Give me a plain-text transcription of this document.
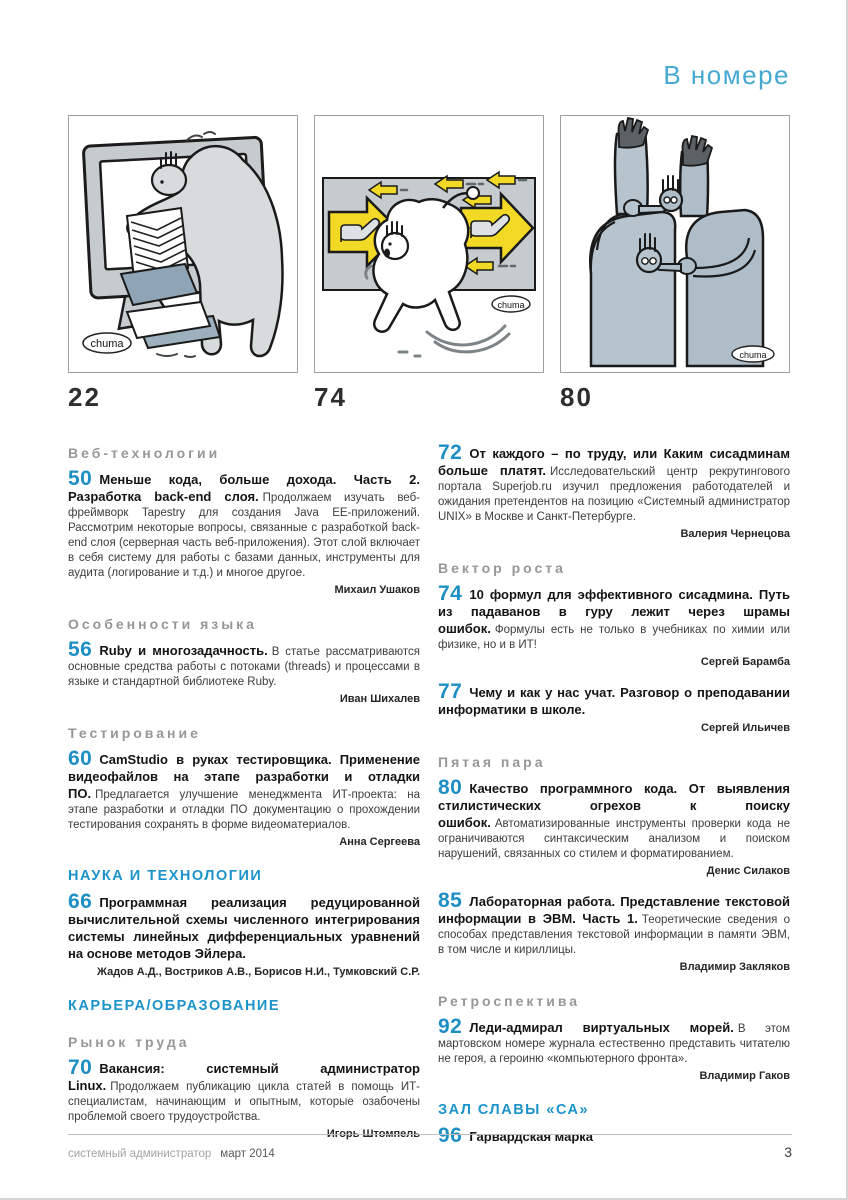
В номере
chuma
22
chuma
74
chuma
80
Веб-технологии

50 Меньше кода, больше дохода. Часть 2. Разработка back-end слоя. Продолжаем изучать веб-фреймворк Tapestry для создания Java EE-приложений. Рассмотрим некоторые вопросы, связанные с разработкой back-end слоя (серверная часть веб-приложения). Этот слой включает в себя систему для работы с базами данных, инструменты для аудита (логирование и т.д.) и многое другое.

Михаил Ушаков

Особенности языка

56 Ruby и многозадачность. В статье рассматриваются основные средства работы с потоками (threads) и процессами в языке и стандартной библиотеке Ruby.

Иван Шихалев

Тестирование

60 CamStudio в руках тестировщика. Применение видеофайлов на этапе разработки и отладки ПО. Предлагается улучшение менеджмента ИТ-проекта: на этапе разработки и отладки ПО документацию о прохождении тестирования сохранять в форме видеоматериалов.

Анна Сергеева

НАУКА И ТЕХНОЛОГИИ

66 Программная реализация редуцированной вычислительной схемы численного интегрирования системы линейных дифференциальных уравнений на основе методов Эйлера.

Жадов А.Д., Востриков А.В., Борисов Н.И., Тумковский С.Р.

КАРЬЕРА/ОБРАЗОВАНИЕ
Рынок труда

70 Вакансия: системный администратор Linux. Продолжаем публикацию цикла статей в помощь ИТ-специалистам, начинающим и опытным, которые озабочены проблемой своего трудоустройства.

Игорь Штомпель

72 От каждого – по труду, или Каким сисадминам больше платят. Исследовательский центр рекрутингового портала Superjob.ru изучил предложения работодателей и ожидания претендентов на позицию «Системный администратор UNIX» в Москве и Санкт-Петербурге.

Валерия Чернецова

Вектор роста

74 10 формул для эффективного сисадмина. Путь из падаванов в гуру лежит через шрамы ошибок. Формулы есть не только в учебниках по химии или физике, но и в ИТ!

Сергей Барамба

77 Чему и как у нас учат. Разговор о преподавании информатики в школе.

Сергей Ильичев

Пятая пара

80 Качество программного кода. От выявления стилистических огрехов к поиску ошибок. Автоматизированные инструменты проверки кода не ограничиваются синтаксическим анализом и поиском нарушений, связанных со стилем и форматированием.

Денис Силаков

85 Лабораторная работа. Представление текстовой информации в ЭВМ. Часть 1. Теоретические сведения о способах представления текстовой информации в памяти ЭВМ, в том числе и кириллицы.

Владимир Закляков

Ретроспектива

92 Леди-адмирал виртуальных морей. В этом мартовском номере журнала естественно представить читателю не героя, а героиню «компьютерного фронта».

Владимир Гаков

ЗАЛ СЛАВЫ «СА»

96 Гарвардская марка

системный администратор март 2014	3
